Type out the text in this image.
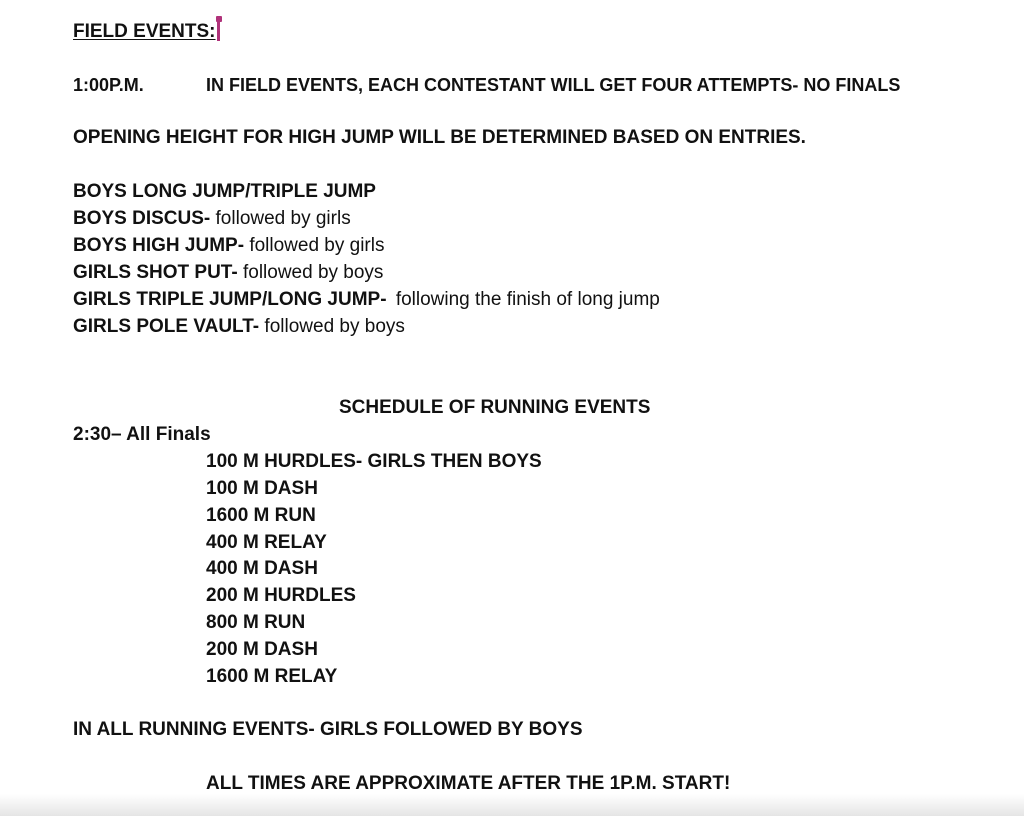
FIELD EVENTS:
1:00P.M.	IN FIELD EVENTS, EACH CONTESTANT WILL GET FOUR ATTEMPTS- NO FINALS
OPENING HEIGHT FOR HIGH JUMP WILL BE DETERMINED BASED ON ENTRIES.
BOYS LONG JUMP/TRIPLE JUMP
BOYS DISCUS- followed by girls
BOYS HIGH JUMP- followed by girls
GIRLS SHOT PUT- followed by boys
GIRLS TRIPLE JUMP/LONG JUMP- following the finish of long jump
GIRLS POLE VAULT- followed by boys
SCHEDULE OF RUNNING EVENTS
2:30– All Finals
100 M HURDLES- GIRLS THEN BOYS
100 M DASH
1600 M RUN
400 M RELAY
400 M DASH
200 M HURDLES
800 M RUN
200 M DASH
1600 M RELAY
IN ALL RUNNING EVENTS- GIRLS FOLLOWED BY BOYS
ALL TIMES ARE APPROXIMATE AFTER THE 1P.M. START!
